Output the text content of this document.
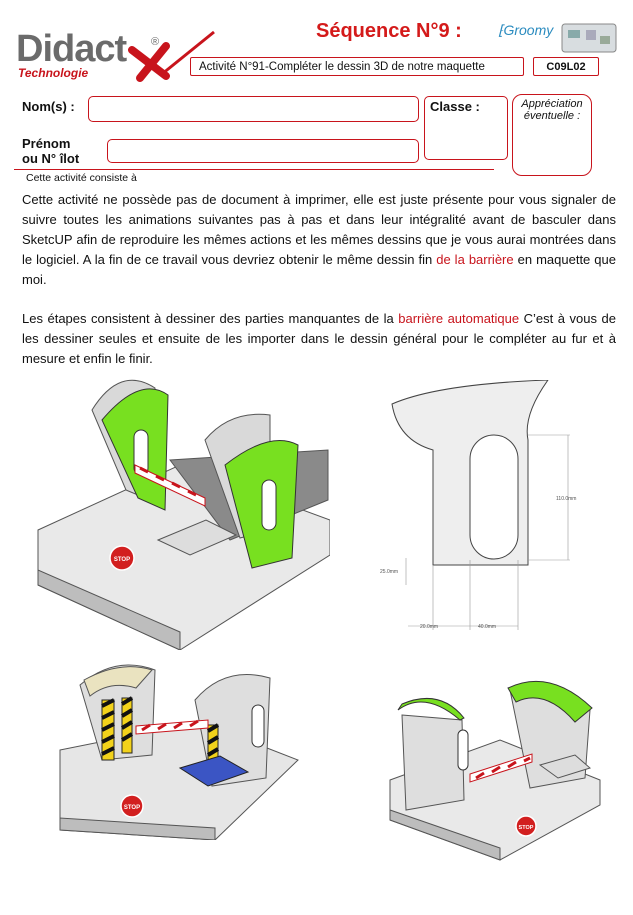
Didact ®
Technologie
Séquence N°9 :	⁅Groomy
Activité N°91-Compléter le dessin 3D de notre maquette	C09L02
Nom(s) :
Prénom
ou N° îlot
Classe :	Appréciation
éventuelle :
Cette activité consiste à
Cette activité ne possède pas de document à imprimer, elle est juste présente pour vous signaler de suivre toutes les animations suivantes pas à pas et dans leur intégralité avant de basculer dans SketcUP afin de reproduire les mêmes actions et les mêmes dessins que je vous aurai montrées dans le logiciel. A la fin de ce travail vous devriez obtenir le même dessin fin de la barrière en maquette que moi.
Les étapes consistent à dessiner des parties manquantes de la barrière automatique C’est à vous de les dessiner seules et ensuite de les importer dans le dessin général pour le compléter au fur et à mesure et enfin le finir.
STOP
110.0mm
25.0mm
20.0mm	40.0mm
STOP
STOP
